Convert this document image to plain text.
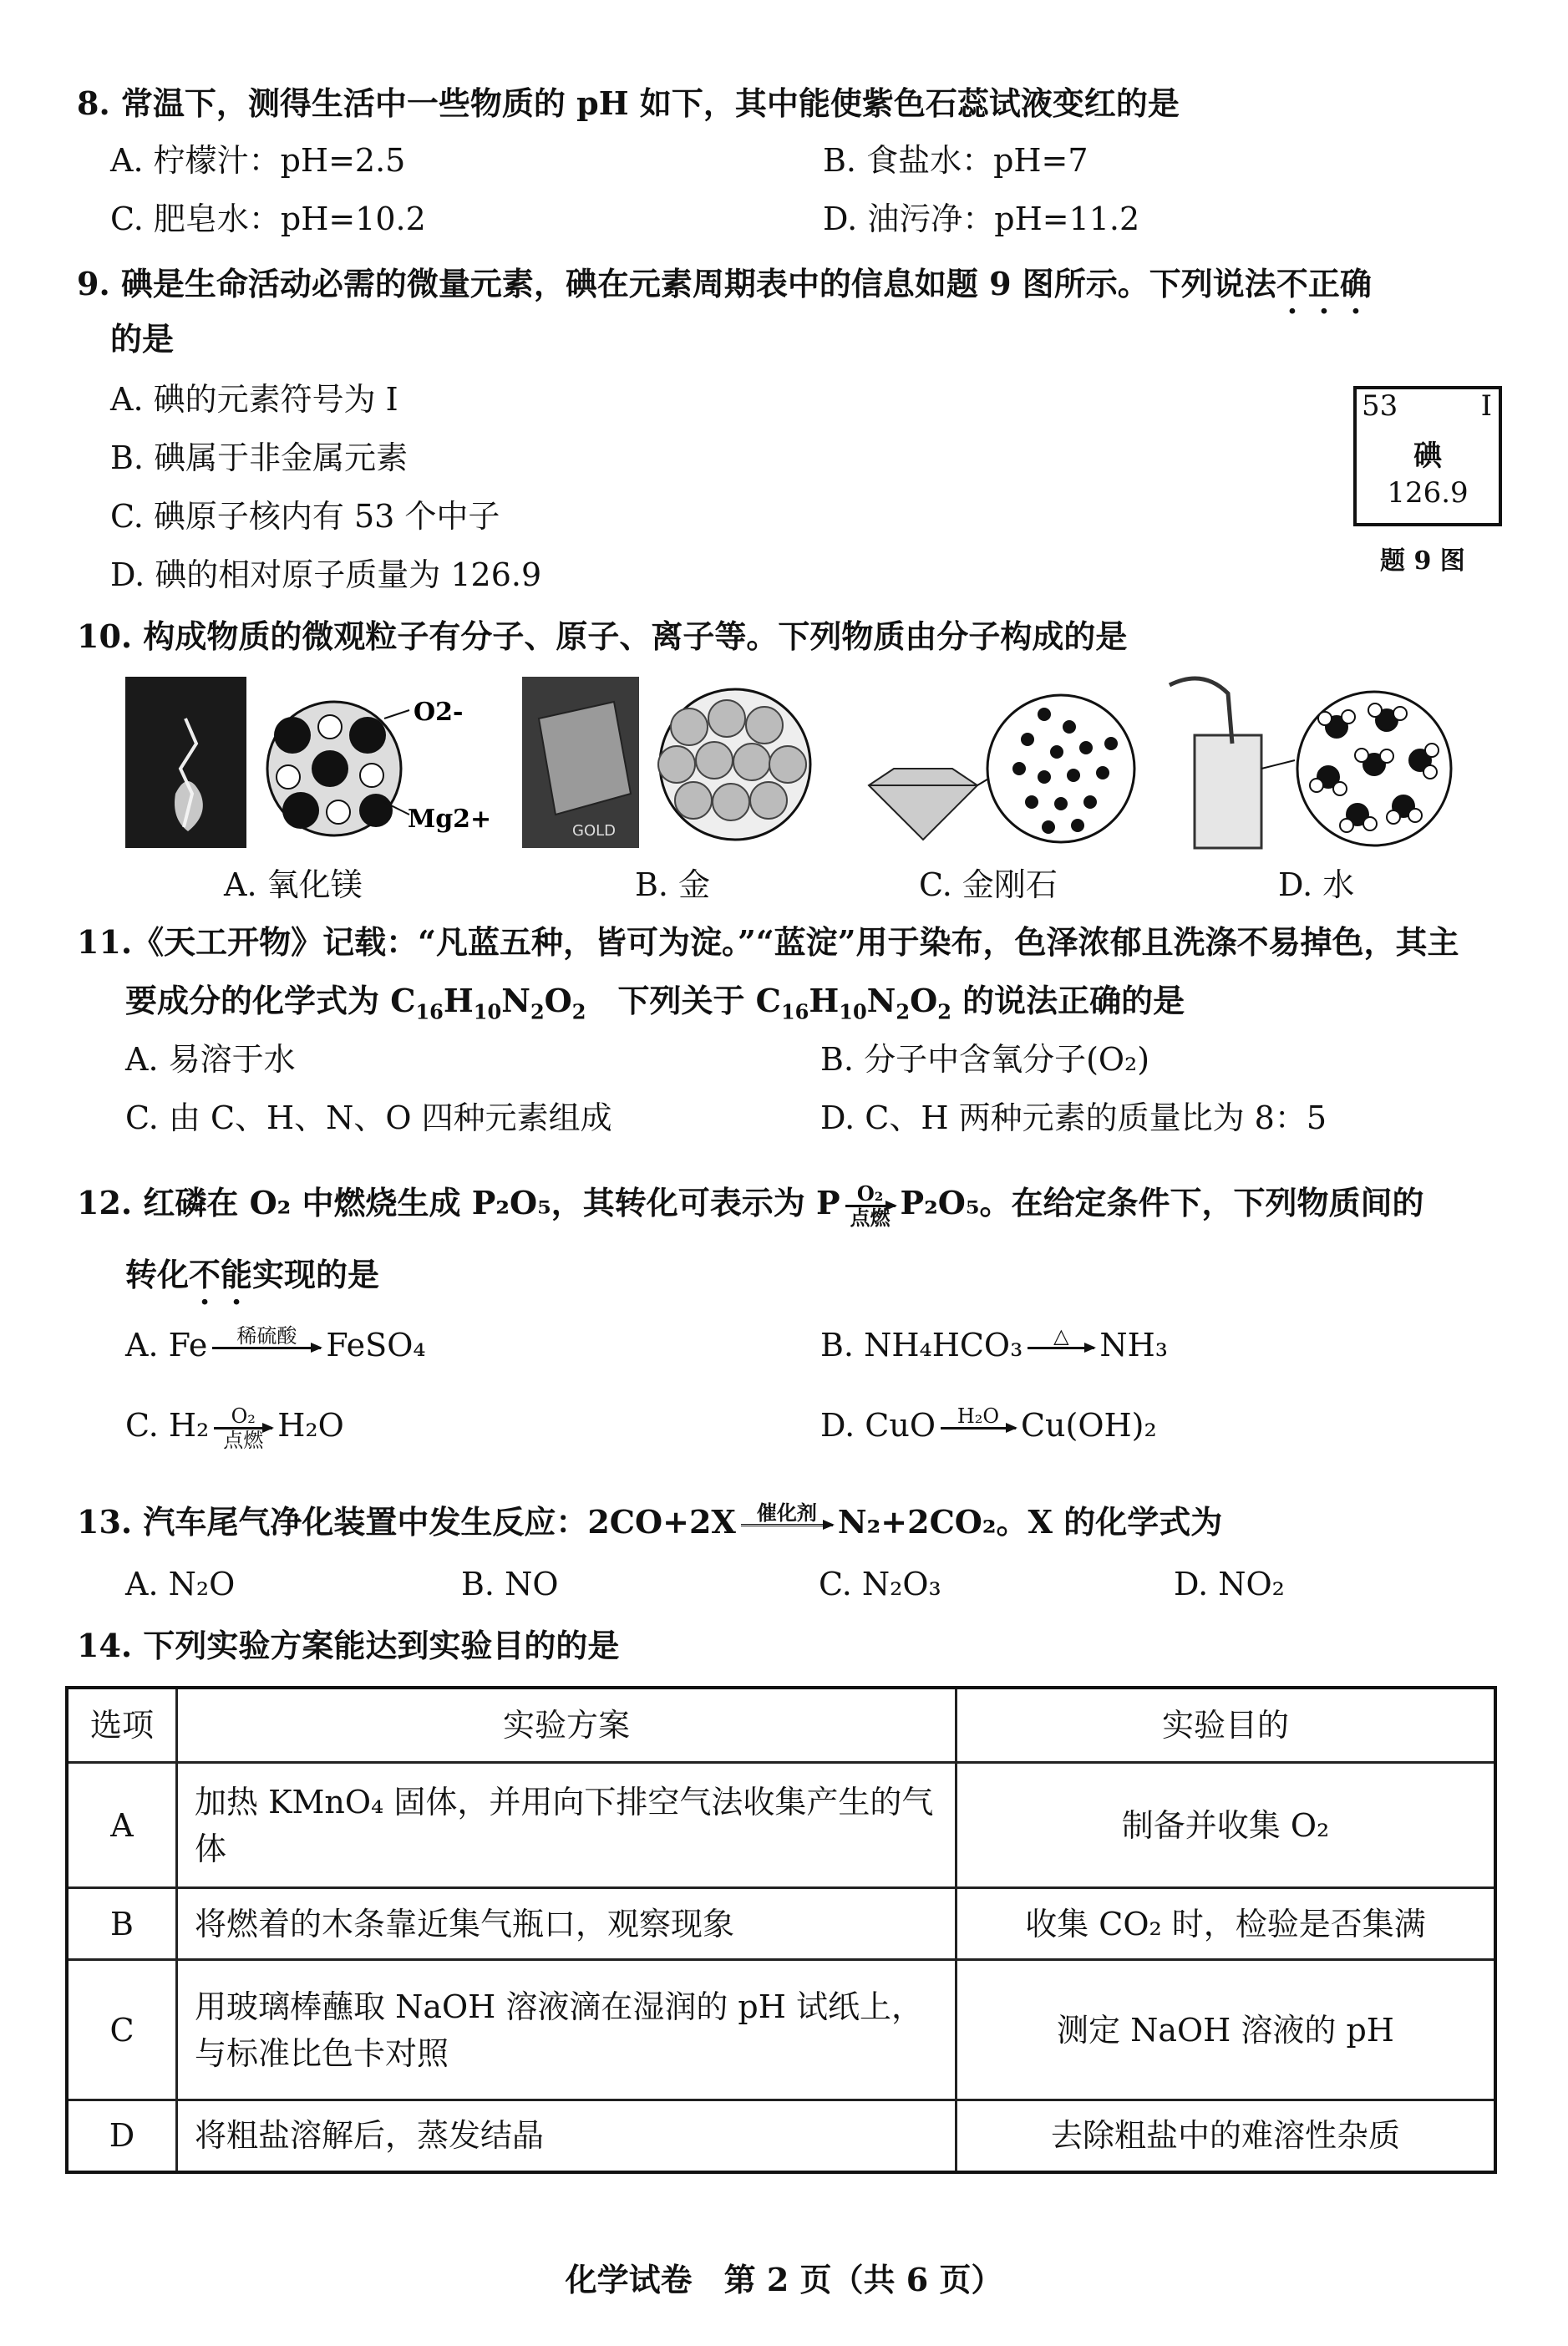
8. 常温下，测得生活中一些物质的 pH 如下，其中能使紫色石蕊试液变红的是
A. 柠檬汁：pH=2.5	B. 食盐水：pH=7
C. 肥皂水：pH=10.2	D. 油污净：pH=11.2
9. 碘是生命活动必需的微量元素，碘在元素周期表中的信息如题 9 图所示。下列说法不正确
的是
A. 碘的元素符号为 I
B. 碘属于非金属元素
C. 碘原子核内有 53 个中子
D. 碘的相对原子质量为 126.9
53	I
碘
126.9
题 9 图
10. 构成物质的微观粒子有分子、原子、离子等。下列物质由分子构成的是
O2-
Mg2+
A. 氧化镁
GOLD
B. 金	C. 金刚石	D. 水
11.《天工开物》记载：“凡蓝五种，皆可为淀。”“蓝淀”用于染布，色泽浓郁且洗涤不易掉色，其主
要成分的化学式为 $C_{16}H_{10}N_2O_2$　下列关于 $C_{16}H_{10}N_2O_2$ 的说法正确的是
A. 易溶于水	B. 分子中含氧分子(O₂)
C. 由 C、H、N、O 四种元素组成	D. C、H 两种元素的质量比为 8：5
12. 红磷在 O₂ 中燃烧生成 P₂O₅，其转化可表示为 P O₂
点燃 P₂O₅。在给定条件下，下列物质间的
转化不能实现的是
A. Fe	稀硫酸
FeSO₄	B. NH₄HCO₃	△
NH₃
C. H₂	O₂
点燃 H₂O	D. CuO	H₂O
Cu(OH)₂
13. 汽车尾气净化装置中发生反应：2CO+2X	催化剂
N₂+2CO₂。X 的化学式为
A. N₂O	B. NO	C. N₂O₃	D. NO₂
14. 下列实验方案能达到实验目的的是
选项	实验方案	实验目的
A	加热 KMnO₄ 固体，并用向下排空气法收集产生的气体	制备并收集 O₂
B	将燃着的木条靠近集气瓶口，观察现象	收集 CO₂ 时，检验是否集满
C	用玻璃棒蘸取 NaOH 溶液滴在湿润的 pH 试纸上，与标准比色卡对照	测定 NaOH 溶液的 pH
D	将粗盐溶解后，蒸发结晶	去除粗盐中的难溶性杂质
化学试卷　第 2 页（共 6 页）
